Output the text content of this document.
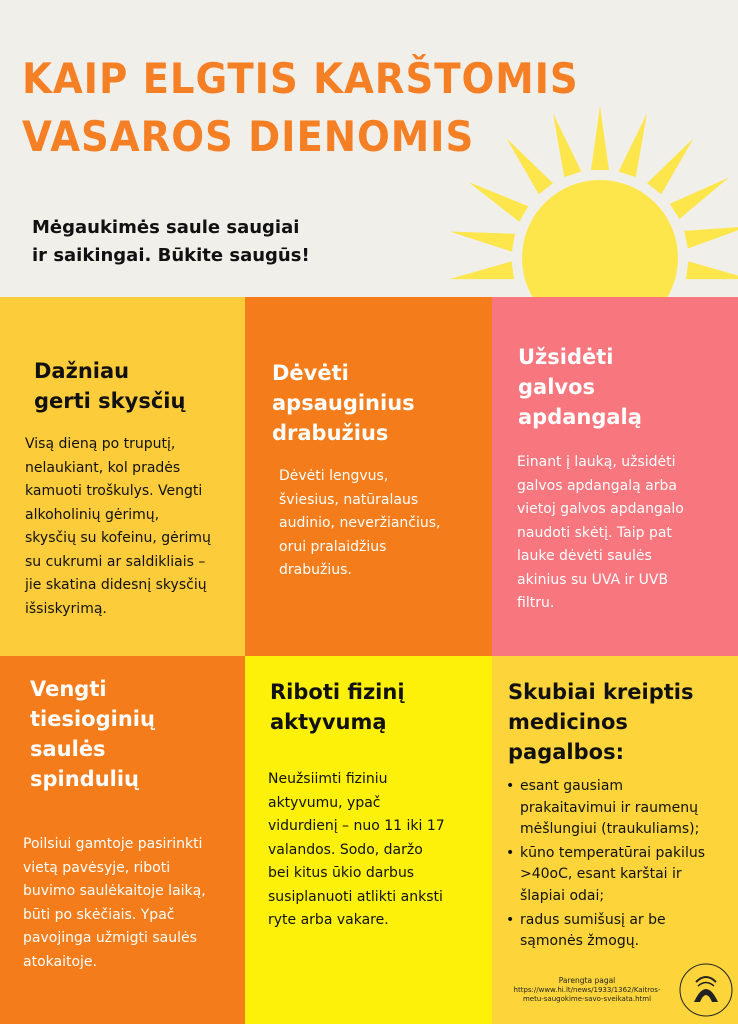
KAIP ELGTIS KARŠTOMIS
VASAROS DIENOMIS
Mėgaukimės saule saugiai
ir saikingai. Būkite saugūs!
Dažniau
gerti skysčių

Visą dieną po truputį,
nelaukiant, kol pradės
kamuoti troškulys. Vengti
alkoholinių gėrimų,
skysčių su kofeinu, gėrimų
su cukrumi ar saldikliais –
jie skatina didesnį skysčių
išsiskyrimą.

Dėvėti
apsauginius
drabužius

Dėvėti lengvus,
šviesius, natūralaus
audinio, neveržiančius,
orui pralaidžius
drabužius.

Užsidėti
galvos
apdangalą

Einant į lauką, užsidėti
galvos apdangalą arba
vietoj galvos apdangalo
naudoti skėtį. Taip pat
lauke dėvėti saulės
akinius su UVA ir UVB
filtru.

Vengti
tiesioginių
saulės
spindulių

Poilsiui gamtoje pasirinkti
vietą pavėsyje, riboti
buvimo saulėkaitoje laiką,
būti po skėčiais. Ypač
pavojinga užmigti saulės
atokaitoje.

Riboti fizinį
aktyvumą

Neužsiimti fiziniu
aktyvumu, ypač
vidurdienį – nuo 11 iki 17
valandos. Sodo, daržo
bei kitus ūkio darbus
susiplanuoti atlikti anksti
ryte arba vakare.

Skubiai kreiptis
medicinos
pagalbos:
• esant gausiam
prakaitavimui ir raumenų
mėšlungiui (traukuliams);
• kūno temperatūrai pakilus
>40oC, esant karštai ir
šlapiai odai;
• radus sumišusį ar be
sąmonės žmogų.
Parengta pagal
https://www.hi.lt/news/1933/1362/Kaitros-
metu-saugokime-savo-sveikata.html
